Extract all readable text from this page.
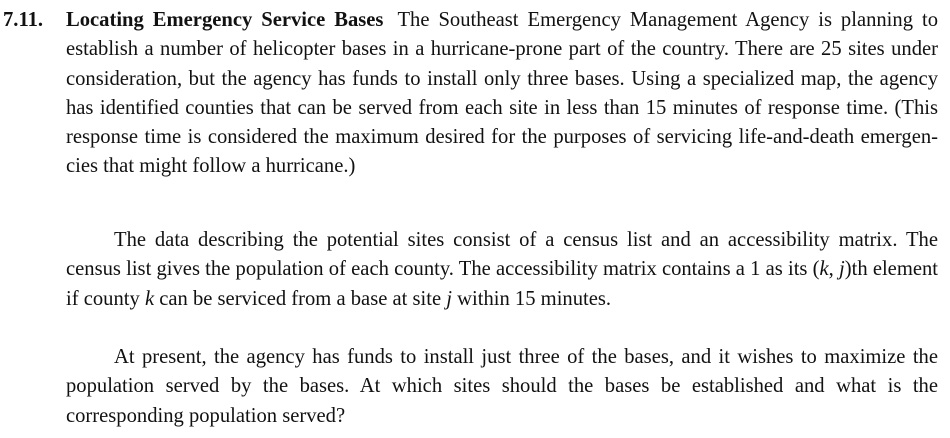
7.11. Locating Emergency Service Bases The Southeast Emergency Management Agency is planning to establish a number of helicopter bases in a hurricane-prone part of the country. There are 25 sites under consideration, but the agency has funds to install only three bases. Using a specialized map, the agency has identified counties that can be served from each site in less than 15 minutes of response time. (This response time is considered the maximum desired for the purposes of servicing life-and-death emergencies that might follow a hurricane.)

The data describing the potential sites consist of a census list and an accessibility matrix. The census list gives the population of each county. The accessibility matrix contains a 1 as its (k, j)th element if county k can be serviced from a base at site j within 15 minutes.

At present, the agency has funds to install just three of the bases, and it wishes to maximize the population served by the bases. At which sites should the bases be established and what is the corresponding population served?
